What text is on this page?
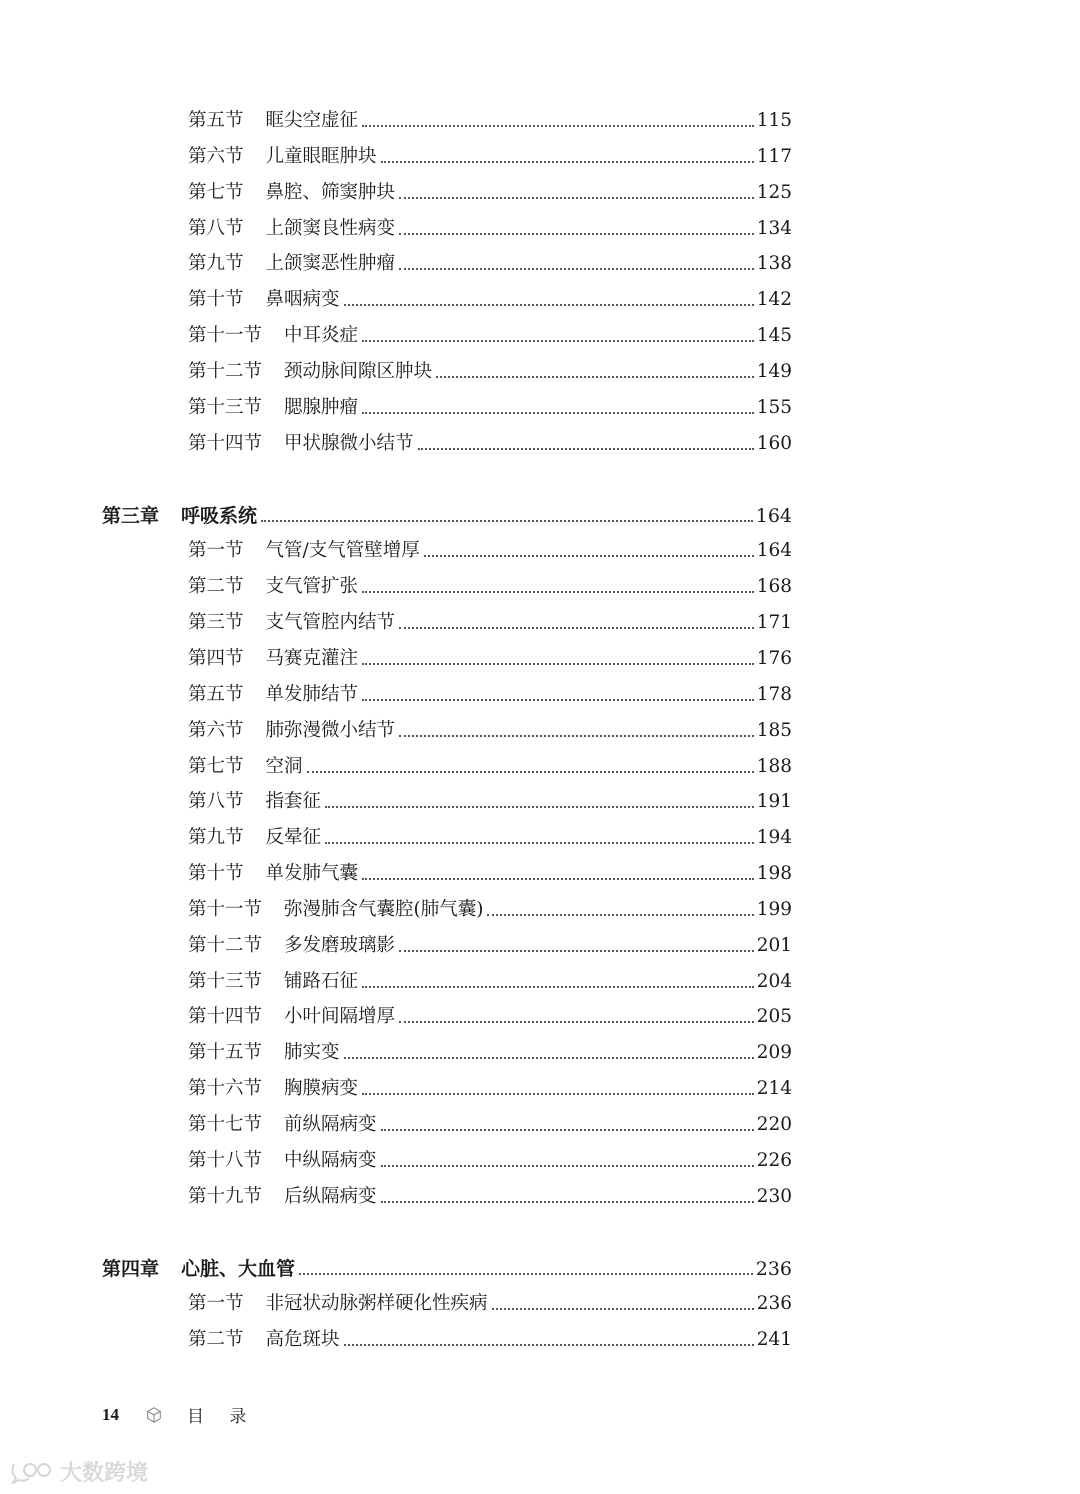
第五节 眶尖空虚征	115
第六节 儿童眼眶肿块	117
第七节 鼻腔、筛窦肿块	125
第八节 上颌窦良性病变	134
第九节 上颌窦恶性肿瘤	138
第十节 鼻咽病变	142
第十一节 中耳炎症	145
第十二节 颈动脉间隙区肿块	149
第十三节 腮腺肿瘤	155
第十四节 甲状腺微小结节	160
第三章 呼吸系统	164
第一节 气管/支气管壁增厚	164
第二节 支气管扩张	168
第三节 支气管腔内结节	171
第四节 马赛克灌注	176
第五节 单发肺结节	178
第六节 肺弥漫微小结节	185
第七节 空洞	188
第八节 指套征	191
第九节 反晕征	194
第十节 单发肺气囊	198
第十一节 弥漫肺含气囊腔(肺气囊)	199
第十二节 多发磨玻璃影	201
第十三节 铺路石征	204
第十四节 小叶间隔增厚	205
第十五节 肺实变	209
第十六节 胸膜病变	214
第十七节 前纵隔病变	220
第十八节 中纵隔病变	226
第十九节 后纵隔病变	230
第四章 心脏、大血管	236
第一节 非冠状动脉粥样硬化性疾病	236
第二节 高危斑块	241
14	目 录
大数跨境
